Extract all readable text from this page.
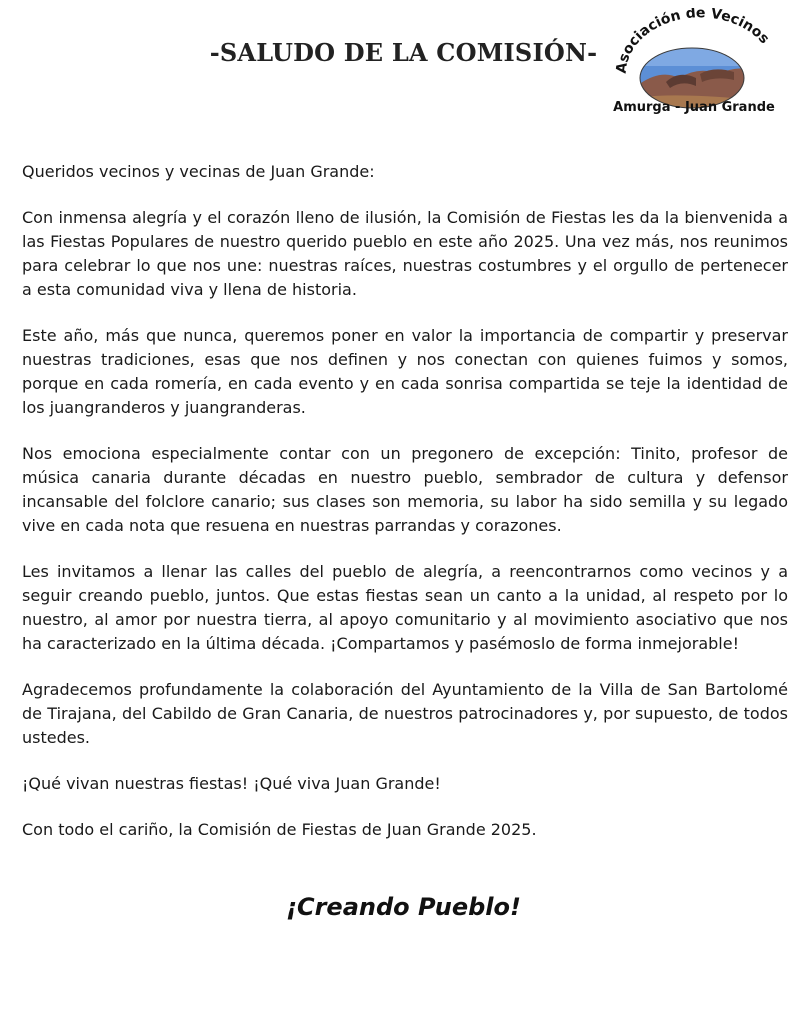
-SALUDO DE LA COMISIÓN-
Asociación de Vecinos
Amurga - Juan Grande

Queridos vecinos y vecinas de Juan Grande:

Con inmensa alegría y el corazón lleno de ilusión, la Comisión de Fiestas les da la bienvenida a las Fiestas Populares de nuestro querido pueblo en este año 2025. Una vez más, nos reunimos para celebrar lo que nos une: nuestras raíces, nuestras costumbres y el orgullo de pertenecer a esta comunidad viva y llena de historia.

Este año, más que nunca, queremos poner en valor la importancia de compartir y preservar nuestras tradiciones, esas que nos definen y nos conectan con quienes fuimos y somos, porque en cada romería, en cada evento y en cada sonrisa compartida se teje la identidad de los juangranderos y juangranderas.

Nos emociona especialmente contar con un pregonero de excepción: Tinito, profesor de música canaria durante décadas en nuestro pueblo, sembrador de cultura y defensor incansable del folclore canario; sus clases son memoria, su labor ha sido semilla y su legado vive en cada nota que resuena en nuestras parrandas y corazones.

Les invitamos a llenar las calles del pueblo de alegría, a reencontrarnos como vecinos y a seguir creando pueblo, juntos. Que estas fiestas sean un canto a la unidad, al respeto por lo nuestro, al amor por nuestra tierra, al apoyo comunitario y al movimiento asociativo que nos ha caracterizado en la última década. ¡Compartamos y pasémoslo de forma inmejorable!

Agradecemos profundamente la colaboración del Ayuntamiento de la Villa de San Bartolomé de Tirajana, del Cabildo de Gran Canaria, de nuestros patrocinadores y, por supuesto, de todos ustedes.

¡Qué vivan nuestras fiestas! ¡Qué viva Juan Grande!

Con todo el cariño, la Comisión de Fiestas de Juan Grande 2025.

¡Creando Pueblo!
